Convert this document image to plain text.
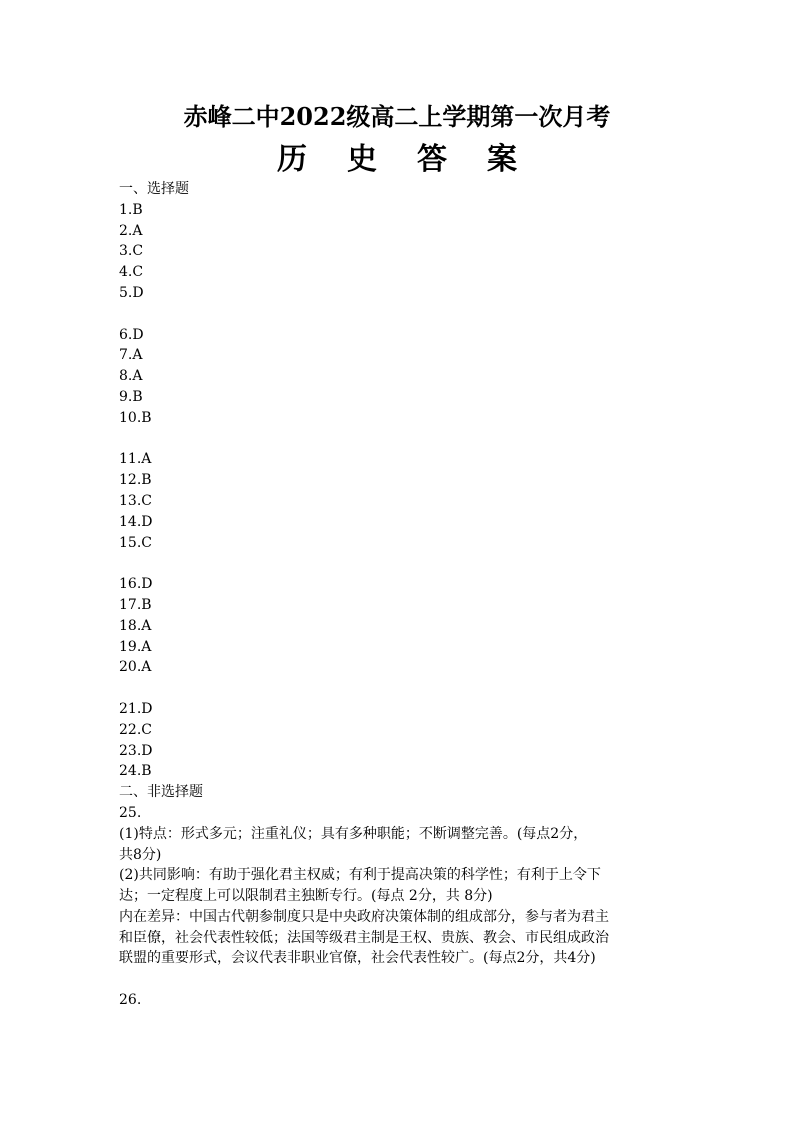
赤峰二中2022级高二上学期第一次月考
历 史 答 案
一、选择题
1.B
2.A
3.C
4.C
5.D
6.D
7.A
8.A
9.B
10.B
11.A
12.B
13.C
14.D
15.C
16.D
17.B
18.A
19.A
20.A
21.D
22.C
23.D
24.B
二、非选择题
25.
(1)特点：形式多元；注重礼仪；具有多种职能；不断调整完善。(每点2分，
共8分)
(2)共同影响：有助于强化君主权威；有利于提高决策的科学性；有利于上令下
达；一定程度上可以限制君主独断专行。(每点 2分，共 8分)
内在差异：中国古代朝参制度只是中央政府决策体制的组成部分，参与者为君主
和臣僚，社会代表性较低；法国等级君主制是王权、贵族、教会、市民组成政治
联盟的重要形式，会议代表非职业官僚，社会代表性较广。(每点2分，共4分)
26.
